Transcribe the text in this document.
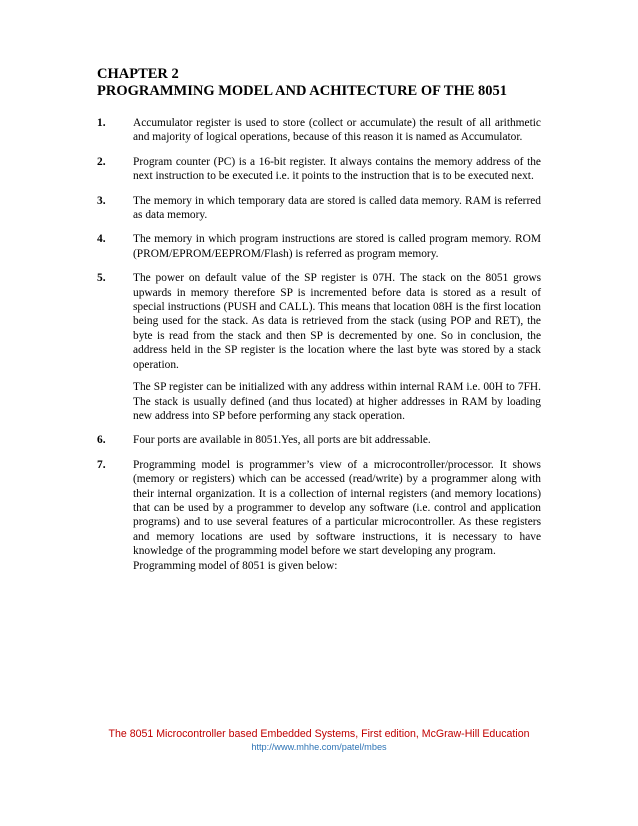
CHAPTER 2
PROGRAMMING MODEL AND ACHITECTURE OF THE 8051
1.	Accumulator register is used to store (collect or accumulate) the result of all arithmetic and majority of logical operations, because of this reason it is named as Accumulator.

2.	Program counter (PC) is a 16-bit register. It always contains the memory address of the next instruction to be executed i.e. it points to the instruction that is to be executed next.

3.	The memory in which temporary data are stored is called data memory. RAM is referred as data memory.

4.	The memory in which program instructions are stored is called program memory. ROM (PROM/EPROM/EEPROM/Flash) is referred as program memory.

5.	The power on default value of the SP register is 07H. The stack on the 8051 grows upwards in memory therefore SP is incremented before data is stored as a result of special instructions (PUSH and CALL). This means that location 08H is the first location being used for the stack. As data is retrieved from the stack (using POP and RET), the byte is read from the stack and then SP is decremented by one. So in conclusion, the address held in the SP register is the location where the last byte was stored by a stack operation.

The SP register can be initialized with any address within internal RAM i.e. 00H to 7FH. The stack is usually defined (and thus located) at higher addresses in RAM by loading new address into SP before performing any stack operation.

6.	Four ports are available in 8051.Yes, all ports are bit addressable.

7.	Programming model is programmer’s view of a microcontroller/processor. It shows (memory or registers) which can be accessed (read/write) by a programmer along with their internal organization. It is a collection of internal registers (and memory locations) that can be used by a programmer to develop any software (i.e. control and application programs) and to use several features of a particular microcontroller. As these registers and memory locations are used by software instructions, it is necessary to have knowledge of the programming model before we start developing any program.

Programming model of 8051 is given below:

The 8051 Microcontroller based Embedded Systems, First edition, McGraw-Hill Education
http://www.mhhe.com/patel/mbes
